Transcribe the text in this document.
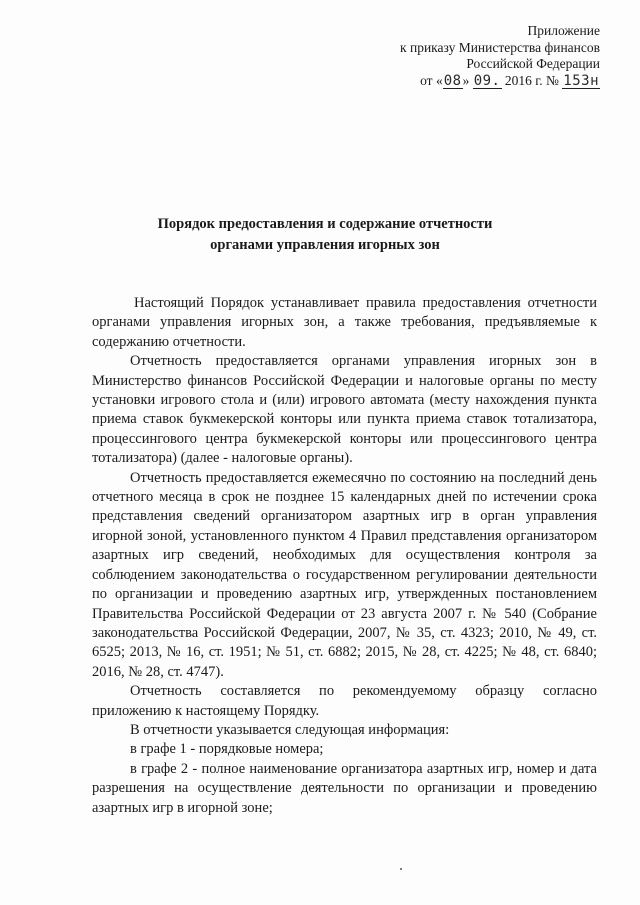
Приложение
к приказу Министерства финансов
Российской Федерации
от «08» 09. 2016 г. № 153н
Порядок предоставления и содержание отчетности
органами управления игорных зон

Настоящий Порядок устанавливает правила предоставления отчетности органами управления игорных зон, а также требования, предъявляемые к содержанию отчетности.

Отчетность предоставляется органами управления игорных зон в Министерство финансов Российской Федерации и налоговые органы по месту установки игрового стола и (или) игрового автомата (месту нахождения пункта приема ставок букмекерской конторы или пункта приема ставок тотализатора, процессингового центра букмекерской конторы или процессингового центра тотализатора) (далее - налоговые органы).

Отчетность предоставляется ежемесячно по состоянию на последний день отчетного месяца в срок не позднее 15 календарных дней по истечении срока представления сведений организатором азартных игр в орган управления игорной зоной, установленного пунктом 4 Правил представления организатором азартных игр сведений, необходимых для осуществления контроля за соблюдением законодательства о государственном регулировании деятельности по организации и проведению азартных игр, утвержденных постановлением Правительства Российской Федерации от 23 августа 2007 г. № 540 (Собрание законодательства Российской Федерации, 2007, № 35, ст. 4323; 2010, № 49, ст. 6525; 2013, № 16, ст. 1951; № 51, ст. 6882; 2015, № 28, ст. 4225; № 48, ст. 6840; 2016, № 28, ст. 4747).

Отчетность составляется по рекомендуемому образцу согласно приложению к настоящему Порядку.

В отчетности указывается следующая информация:

в графе 1 - порядковые номера;

в графе 2 - полное наименование организатора азартных игр, номер и дата разрешения на осуществление деятельности по организации и проведению азартных игр в игорной зоне;
